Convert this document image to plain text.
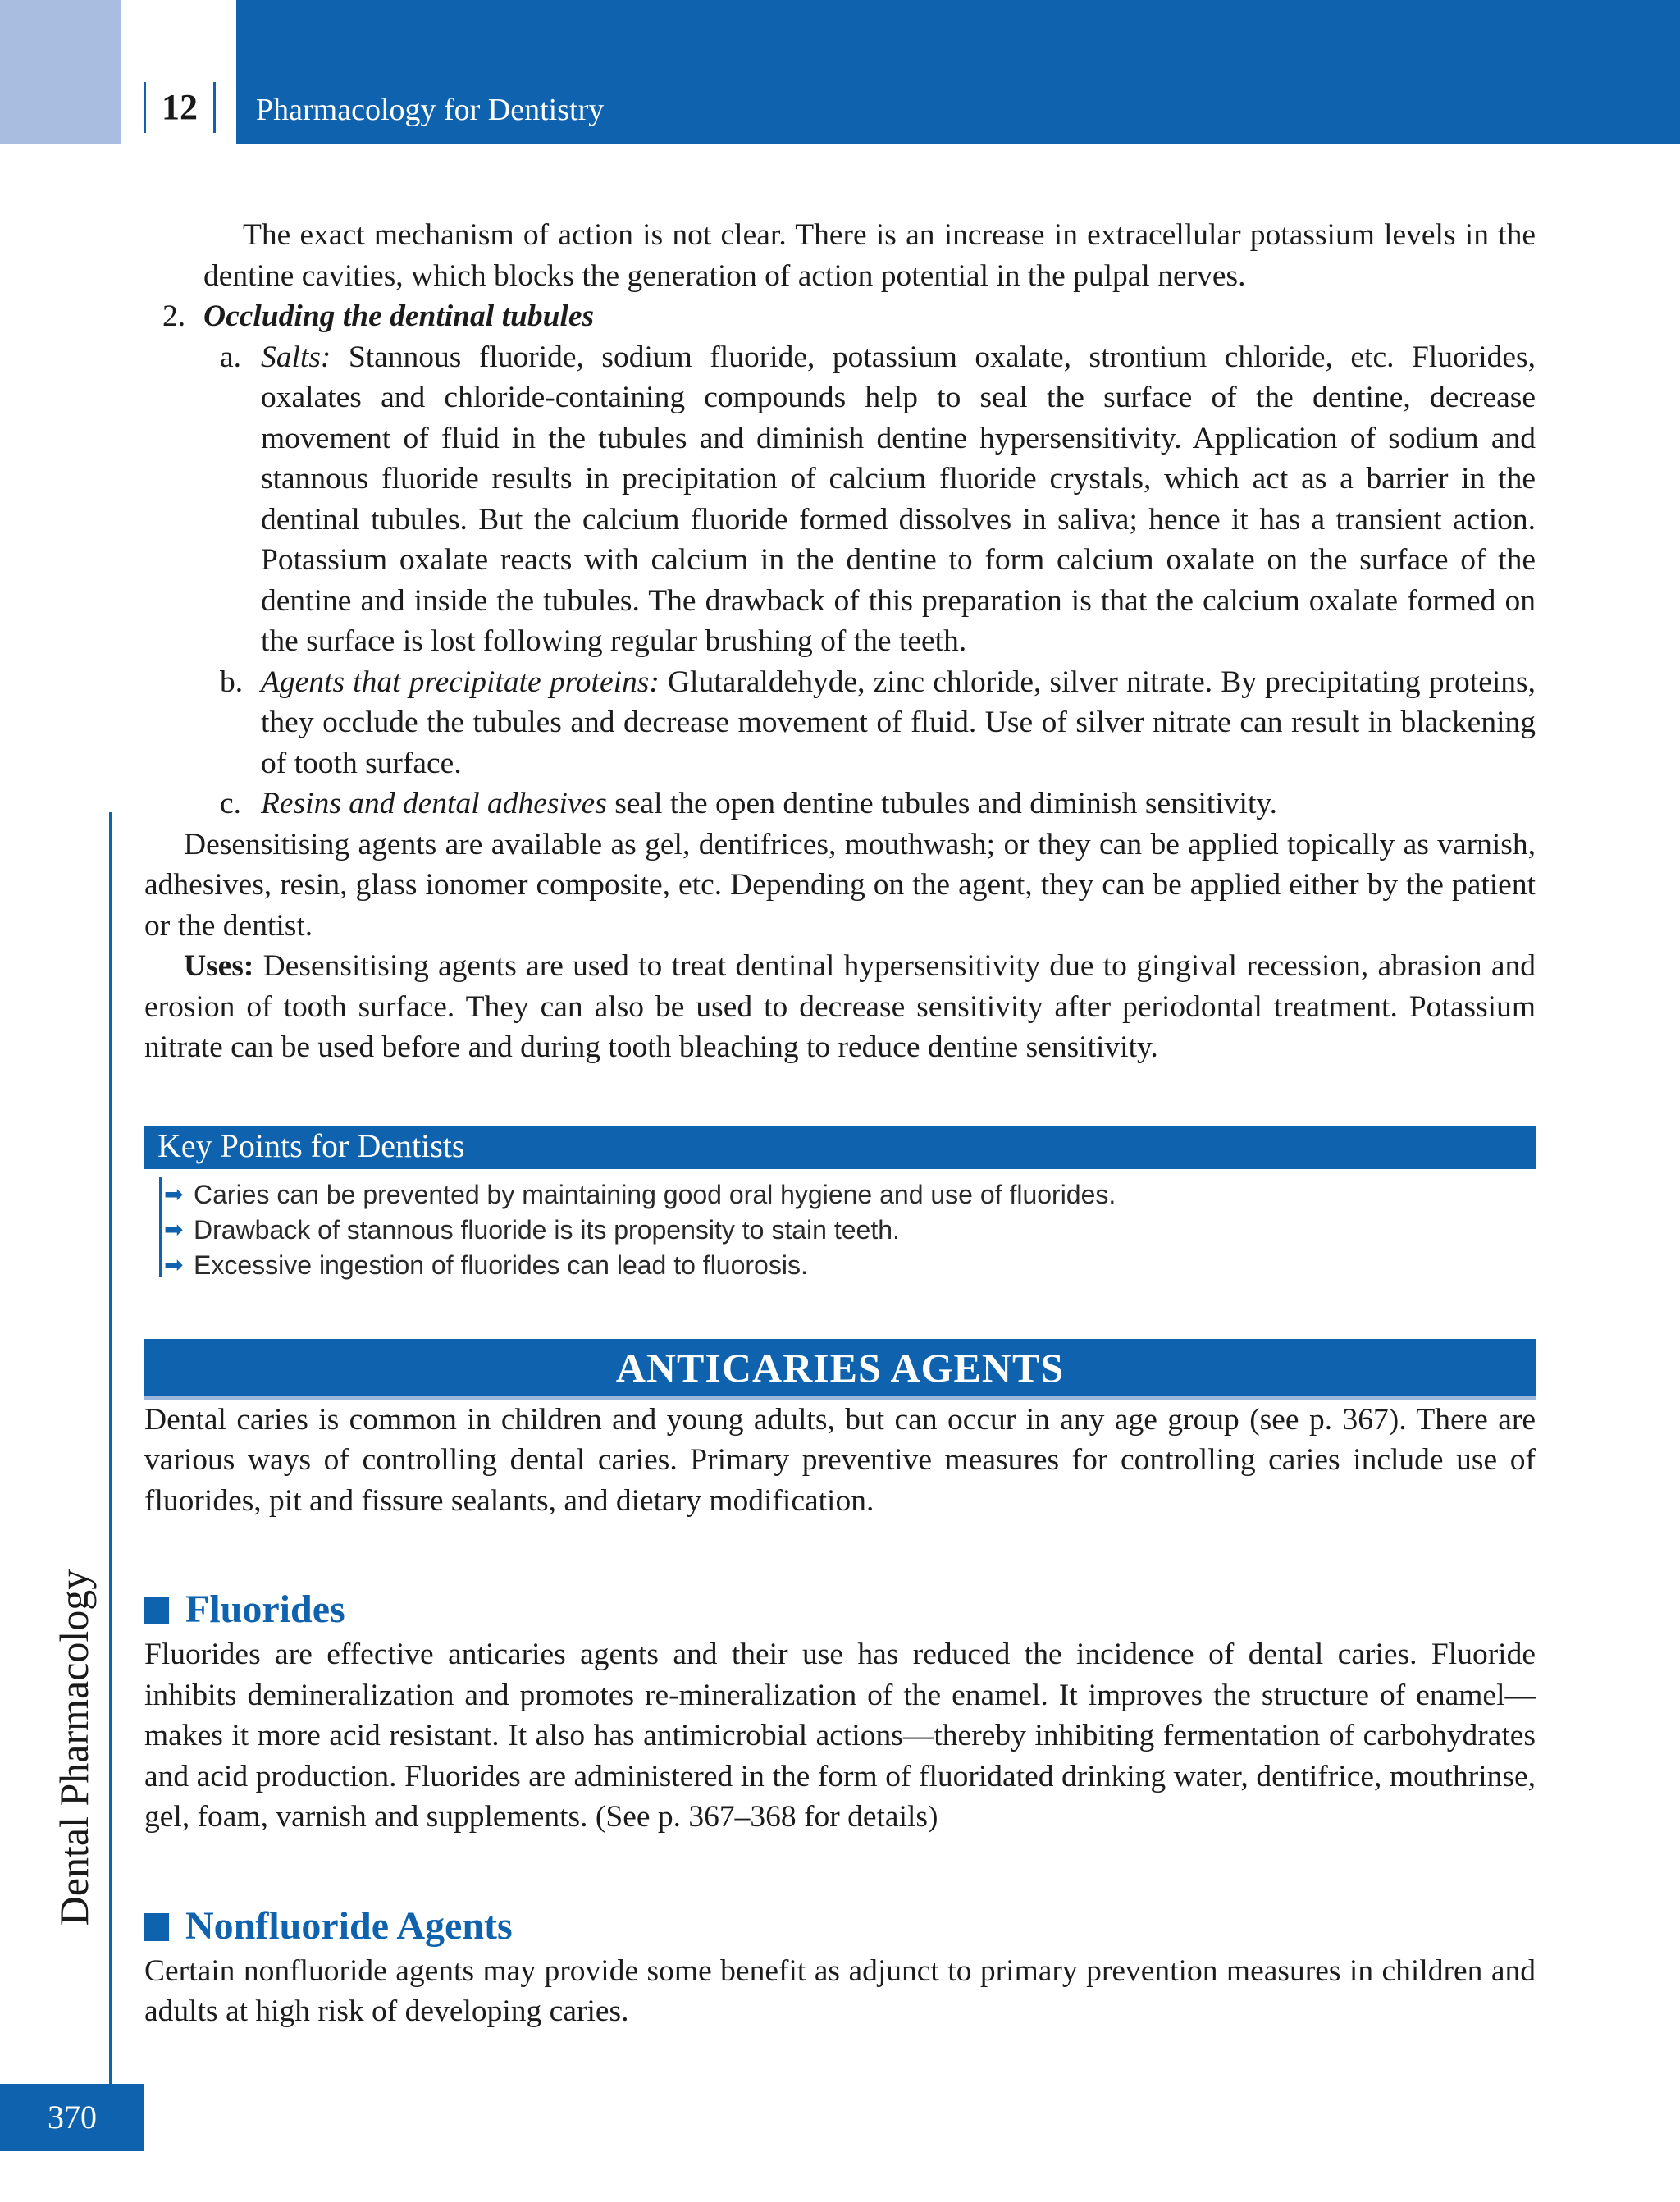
12	Pharmacology for Dentistry
Dental Pharmacology
370

The exact mechanism of action is not clear. There is an increase in extracellular potassium levels in the dentine cavities, which blocks the generation of action potential in the pulpal nerves.

2. Occluding the dentinal tubules
a. Salts: Stannous fluoride, sodium fluoride, potassium oxalate, strontium chloride, etc. Fluorides, oxalates and chloride-containing compounds help to seal the surface of the dentine, decrease movement of fluid in the tubules and diminish dentine hypersensitivity. Application of sodium and stannous fluoride results in precipitation of calcium fluoride crystals, which act as a barrier in the dentinal tubules. But the calcium fluoride formed dissolves in saliva; hence it has a transient action. Potassium oxalate reacts with calcium in the dentine to form calcium oxalate on the surface of the dentine and inside the tubules. The drawback of this preparation is that the calcium oxalate formed on the surface is lost following regular brushing of the teeth.
b. Agents that precipitate proteins: Glutaraldehyde, zinc chloride, silver nitrate. By precipitating proteins, they occlude the tubules and decrease movement of fluid. Use of silver nitrate can result in blackening of tooth surface.
c. Resins and dental adhesives seal the open dentine tubules and diminish sensitivity.

Desensitising agents are available as gel, dentifrices, mouthwash; or they can be applied topically as varnish, adhesives, resin, glass ionomer composite, etc. Depending on the agent, they can be applied either by the patient or the dentist.

Uses: Desensitising agents are used to treat dentinal hypersensitivity due to gingival recession, abrasion and erosion of tooth surface. They can also be used to decrease sensitivity after periodontal treatment. Potassium nitrate can be used before and during tooth bleaching to reduce dentine sensitivity.

Key Points for Dentists
➡ Caries can be prevented by maintaining good oral hygiene and use of fluorides.
➡ Drawback of stannous fluoride is its propensity to stain teeth.
➡ Excessive ingestion of fluorides can lead to fluorosis.
ANTICARIES AGENTS

Dental caries is common in children and young adults, but can occur in any age group (see p. 367). There are various ways of controlling dental caries. Primary preventive measures for controlling caries include use of fluorides, pit and fissure sealants, and dietary modification.

Fluorides

Fluorides are effective anticaries agents and their use has reduced the incidence of dental caries. Fluoride inhibits demineralization and promotes re-mineralization of the enamel. It improves the structure of enamel—makes it more acid resistant. It also has antimicrobial actions—thereby inhibiting fermentation of carbohydrates and acid production. Fluorides are administered in the form of fluoridated drinking water, dentifrice, mouthrinse, gel, foam, varnish and supplements. (See p. 367–368 for details)

Nonfluoride Agents

Certain nonfluoride agents may provide some benefit as adjunct to primary prevention measures in children and adults at high risk of developing caries.
